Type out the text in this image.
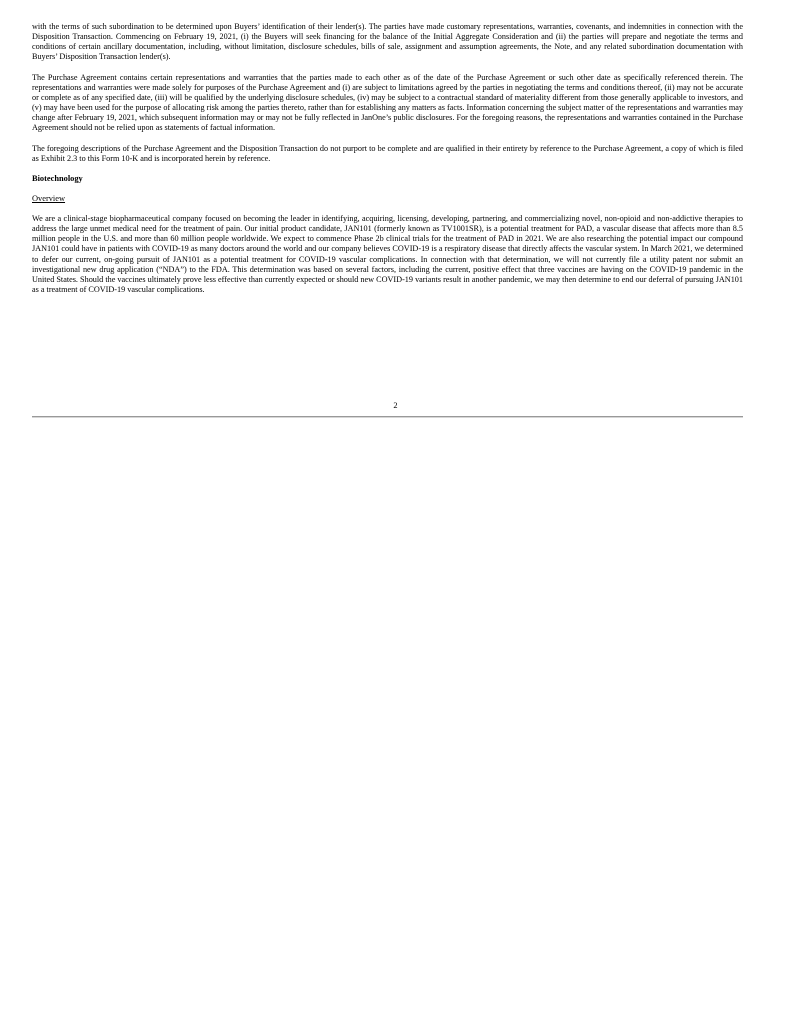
with the terms of such subordination to be determined upon Buyers’ identification of their lender(s). The parties have made customary representations, warranties, covenants, and indemnities in connection with the Disposition Transaction. Commencing on February 19, 2021, (i) the Buyers will seek financing for the balance of the Initial Aggregate Consideration and (ii) the parties will prepare and negotiate the terms and conditions of certain ancillary documentation, including, without limitation, disclosure schedules, bills of sale, assignment and assumption agreements, the Note, and any related subordination documentation with Buyers’ Disposition Transaction lender(s).

The Purchase Agreement contains certain representations and warranties that the parties made to each other as of the date of the Purchase Agreement or such other date as specifically referenced therein. The representations and warranties were made solely for purposes of the Purchase Agreement and (i) are subject to limitations agreed by the parties in negotiating the terms and conditions thereof, (ii) may not be accurate or complete as of any specified date, (iii) will be qualified by the underlying disclosure schedules, (iv) may be subject to a contractual standard of materiality different from those generally applicable to investors, and (v) may have been used for the purpose of allocating risk among the parties thereto, rather than for establishing any matters as facts. Information concerning the subject matter of the representations and warranties may change after February 19, 2021, which subsequent information may or may not be fully reflected in JanOne’s public disclosures. For the foregoing reasons, the representations and warranties contained in the Purchase Agreement should not be relied upon as statements of factual information.

The foregoing descriptions of the Purchase Agreement and the Disposition Transaction do not purport to be complete and are qualified in their entirety by reference to the Purchase Agreement, a copy of which is filed as Exhibit 2.3 to this Form 10-K and is incorporated herein by reference.

Biotechnology
Overview

We are a clinical-stage biopharmaceutical company focused on becoming the leader in identifying, acquiring, licensing, developing, partnering, and commercializing novel, non-opioid and non-addictive therapies to address the large unmet medical need for the treatment of pain. Our initial product candidate, JAN101 (formerly known as TV1001SR), is a potential treatment for PAD, a vascular disease that affects more than 8.5 million people in the U.S. and more than 60 million people worldwide. We expect to commence Phase 2b clinical trials for the treatment of PAD in 2021. We are also researching the potential impact our compound JAN101 could have in patients with COVID-19 as many doctors around the world and our company believes COVID-19 is a respiratory disease that directly affects the vascular system. In March 2021, we determined to defer our current, on-going pursuit of JAN101 as a potential treatment for COVID-19 vascular complications. In connection with that determination, we will not currently file a utility patent nor submit an investigational new drug application (“NDA”) to the FDA. This determination was based on several factors, including the current, positive effect that three vaccines are having on the COVID-19 pandemic in the United States. Should the vaccines ultimately prove less effective than currently expected or should new COVID-19 variants result in another pandemic, we may then determine to end our deferral of pursuing JAN101 as a treatment of COVID-19 vascular complications.

2
